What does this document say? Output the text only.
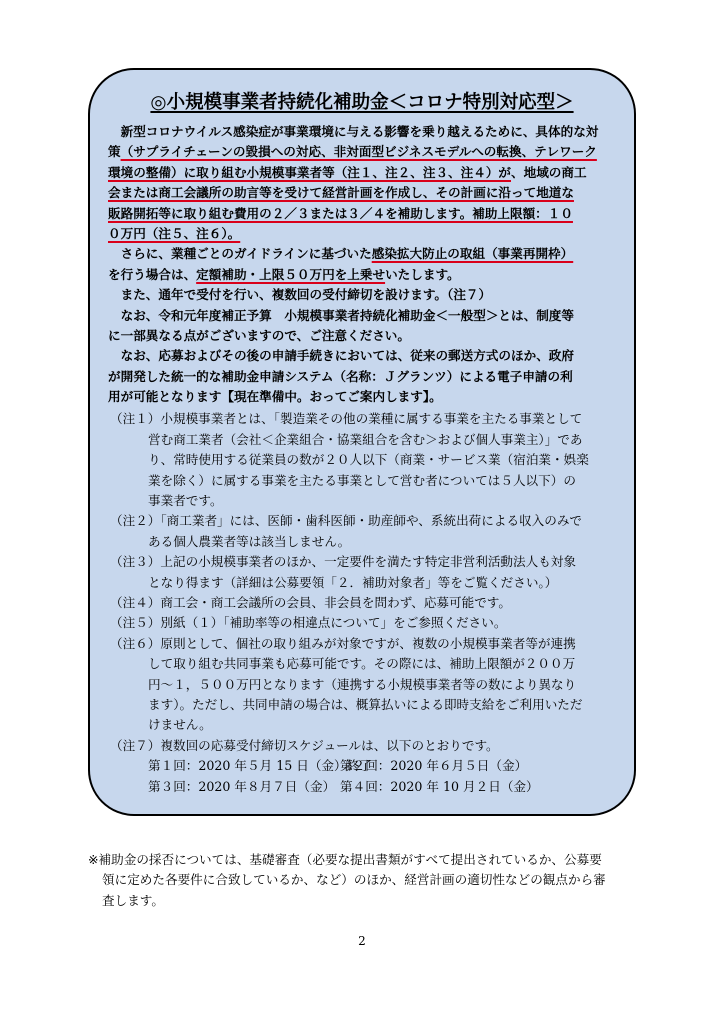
◎小規模事業者持続化補助金＜コロナ特別対応型＞
　新型コロナウイルス感染症が事業環境に与える影響を乗り越えるために、具体的な対
策（サプライチェーンの毀損への対応、非対面型ビジネスモデルへの転換、テレワーク
環境の整備）に取り組む小規模事業者等（注１、注２、注３、注４）が、地域の商工
会または商工会議所の助言等を受けて経営計画を作成し、その計画に沿って地道な
販路開拓等に取り組む費用の２／３または３／４を補助します。補助上限額：１０
０万円（注５、注６）。
　さらに、業種ごとのガイドラインに基づいた感染拡大防止の取組（事業再開枠）
を行う場合は、定額補助・上限５０万円を上乗せいたします。
　また、通年で受付を行い、複数回の受付締切を設けます。（注７）
　なお、令和元年度補正予算　小規模事業者持続化補助金＜一般型＞とは、制度等
に一部異なる点がございますので、ご注意ください。
　なお、応募およびその後の申請手続きにおいては、従来の郵送方式のほか、政府
が開発した統一的な補助金申請システム（名称：Ｊグランツ）による電子申請の利
用が可能となります【現在準備中。おってご案内します】。
（注１）小規模事業者とは、「製造業その他の業種に属する事業を主たる事業として
営む商工業者（会社＜企業組合・協業組合を含む＞および個人事業主）」であ
り、常時使用する従業員の数が２０人以下（商業・サービス業（宿泊業・娯楽
業を除く）に属する事業を主たる事業として営む者については５人以下）の
事業者です。
（注２）「商工業者」には、医師・歯科医師・助産師や、系統出荷による収入のみで
ある個人農業者等は該当しません。
（注３）上記の小規模事業者のほか、一定要件を満たす特定非営利活動法人も対象
となり得ます（詳細は公募要領「２．補助対象者」等をご覧ください。）
（注４）商工会・商工会議所の会員、非会員を問わず、応募可能です。
（注５）別紙（１）「補助率等の相違点について」をご参照ください。
（注６）原則として、個社の取り組みが対象ですが、複数の小規模事業者等が連携
して取り組む共同事業も応募可能です。その際には、補助上限額が２００万
円～１，５００万円となります（連携する小規模事業者等の数により異なり
ます）。ただし、共同申請の場合は、概算払いによる即時支給をご利用いただ
けません。
（注７）複数回の応募受付締切スケジュールは、以下のとおりです。
第１回：2020 年５月 15 日（金）終了第２回：2020 年６月５日（金）
第３回：2020 年８月７日（金） 第４回：2020 年 10 月２日（金）
※補助金の採否については、基礎審査（必要な提出書類がすべて提出されているか、公募要
領に定めた各要件に合致しているか、など）のほか、経営計画の適切性などの観点から審
査します。
2
